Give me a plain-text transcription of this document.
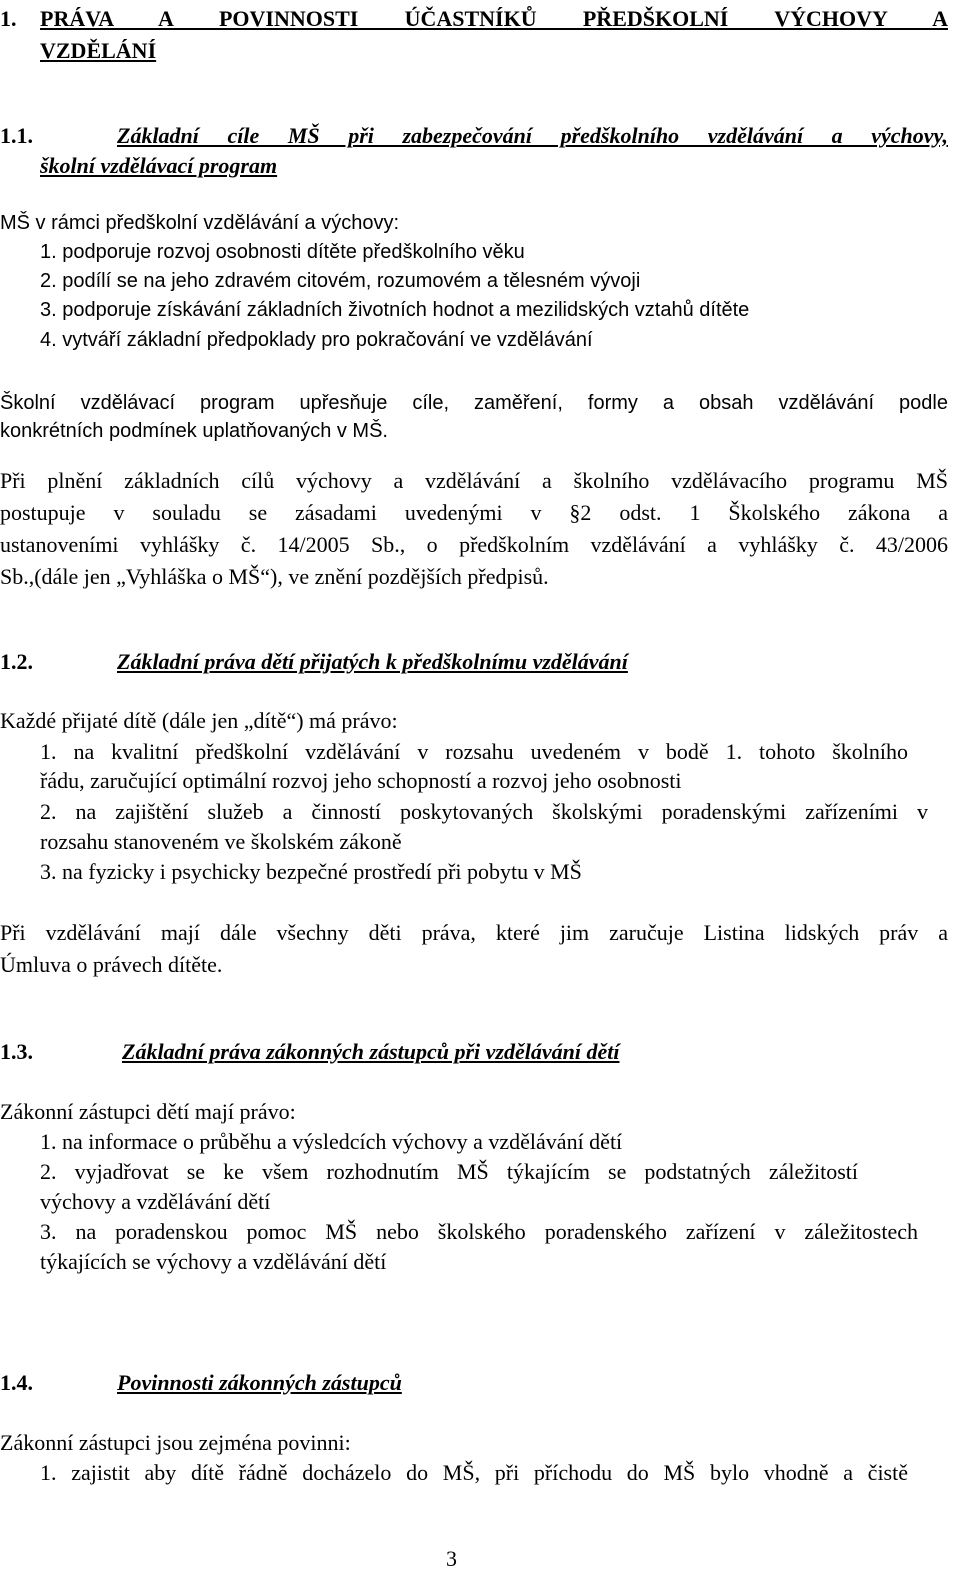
1. PRÁVA A POVINNOSTI ÚČASTNÍKŮ PŘEDŠKOLNÍ VÝCHOVY A
VZDĚLÁNÍ
1.1.	Základní cíle MŠ při zabezpečování předškolního vzdělávání a výchovy,
školní vzdělávací program
MŠ v rámci předškolní vzdělávání a výchovy:
1. podporuje rozvoj osobnosti dítěte předškolního věku
2. podílí se na jeho zdravém citovém, rozumovém a tělesném vývoji
3. podporuje získávání základních životních hodnot a mezilidských vztahů dítěte
4. vytváří základní předpoklady pro pokračování ve vzdělávání
Školní vzdělávací program upřesňuje cíle, zaměření, formy a obsah vzdělávání podle
konkrétních podmínek uplatňovaných v MŠ.
Při plnění základních cílů výchovy a vzdělávání a školního vzdělávacího programu MŠ
postupuje v souladu se zásadami uvedenými v §2 odst. 1 Školského zákona a
ustanoveními vyhlášky č. 14/2005 Sb., o předškolním vzdělávání a vyhlášky č. 43/2006
Sb.,(dále jen „Vyhláška o MŠ“), ve znění pozdějších předpisů.
1.2.	Základní práva dětí přijatých k předškolnímu vzdělávání
Každé přijaté dítě (dále jen „dítě“) má právo:
1. na kvalitní předškolní vzdělávání v rozsahu uvedeném v bodě 1. tohoto školního
řádu, zaručující optimální rozvoj jeho schopností a rozvoj jeho osobnosti
2. na zajištění služeb a činností poskytovaných školskými poradenskými zařízeními v
rozsahu stanoveném ve školském zákoně
3. na fyzicky i psychicky bezpečné prostředí při pobytu v MŠ
Při vzdělávání mají dále všechny děti práva, které jim zaručuje Listina lidských práv a
Úmluva o právech dítěte.
1.3.	Základní práva zákonných zástupců při vzdělávání dětí
Zákonní zástupci dětí mají právo:
1. na informace o průběhu a výsledcích výchovy a vzdělávání dětí
2. vyjadřovat se ke všem rozhodnutím MŠ týkajícím se podstatných záležitostí
výchovy a vzdělávání dětí
3. na poradenskou pomoc MŠ nebo školského poradenského zařízení v záležitostech
týkajících se výchovy a vzdělávání dětí
1.4.	Povinnosti zákonných zástupců
Zákonní zástupci jsou zejména povinni:
1. zajistit aby dítě řádně docházelo do MŠ, při příchodu do MŠ bylo vhodně a čistě
3
